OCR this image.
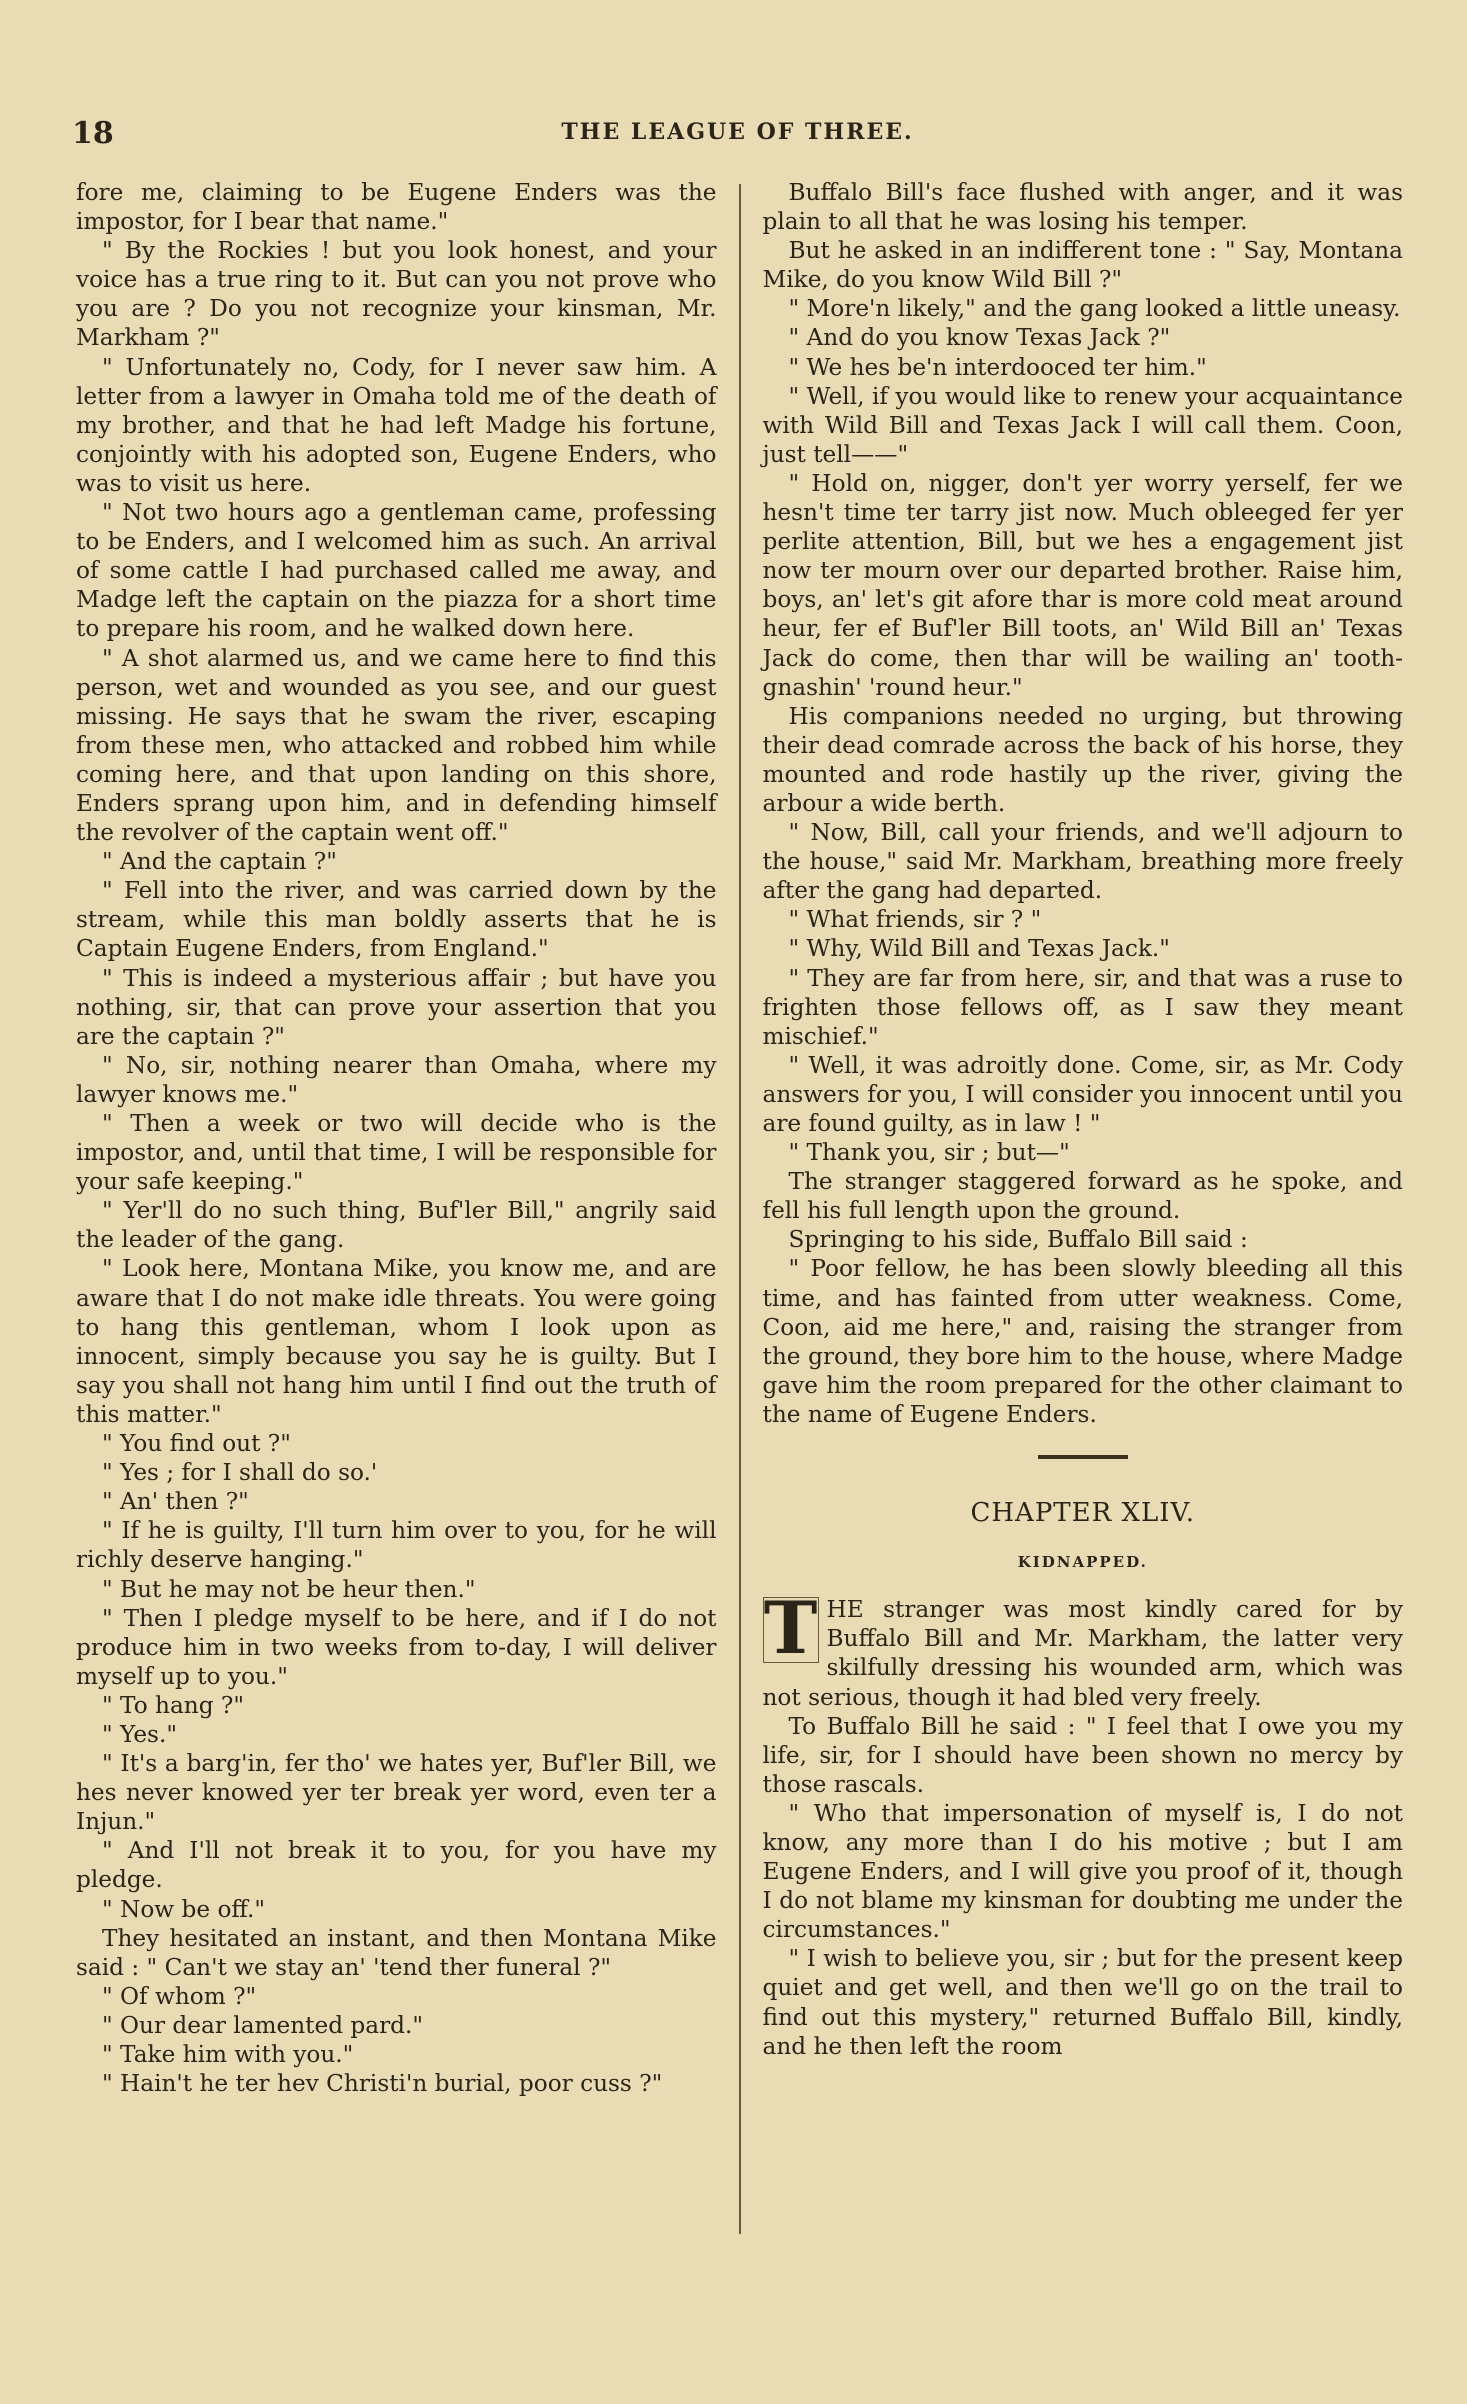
18	THE LEAGUE OF THREE.

fore me, claiming to be Eugene Enders was the impostor, for I bear that name."

" By the Rockies ! but you look honest, and your voice has a true ring to it. But can you not prove who you are ? Do you not recognize your kinsman, Mr. Markham ?"

" Unfortunately no, Cody, for I never saw him. A letter from a lawyer in Omaha told me of the death of my brother, and that he had left Madge his fortune, conjointly with his adopted son, Eugene Enders, who was to visit us here.

" Not two hours ago a gentleman came, professing to be Enders, and I welcomed him as such. An arrival of some cattle I had purchased called me away, and Madge left the captain on the piazza for a short time to prepare his room, and he walked down here.

" A shot alarmed us, and we came here to find this person, wet and wounded as you see, and our guest missing. He says that he swam the river, escaping from these men, who attacked and robbed him while coming here, and that upon landing on this shore, Enders sprang upon him, and in defending himself the revolver of the captain went off."

" And the captain ?"

" Fell into the river, and was carried down by the stream, while this man boldly asserts that he is Captain Eugene Enders, from England."

" This is indeed a mysterious affair ; but have you nothing, sir, that can prove your assertion that you are the captain ?"

" No, sir, nothing nearer than Omaha, where my lawyer knows me."

" Then a week or two will decide who is the impostor, and, until that time, I will be responsible for your safe keeping."

" Yer'll do no such thing, Buf'ler Bill," angrily said the leader of the gang.

" Look here, Montana Mike, you know me, and are aware that I do not make idle threats. You were going to hang this gentleman, whom I look upon as innocent, simply because you say he is guilty. But I say you shall not hang him until I find out the truth of this matter."

" You find out ?"

" Yes ; for I shall do so.'

" An' then ?"

" If he is guilty, I'll turn him over to you, for he will richly deserve hanging."

" But he may not be heur then."

" Then I pledge myself to be here, and if I do not produce him in two weeks from to-day, I will deliver myself up to you."

" To hang ?"

" Yes."

" It's a barg'in, fer tho' we hates yer, Buf'ler Bill, we hes never knowed yer ter break yer word, even ter a Injun."

" And I'll not break it to you, for you have my pledge.

" Now be off."

They hesitated an instant, and then Montana Mike said : " Can't we stay an' 'tend ther funeral ?"

" Of whom ?"

" Our dear lamented pard."

" Take him with you."

" Hain't he ter hev Christi'n burial, poor cuss ?"

Buffalo Bill's face flushed with anger, and it was plain to all that he was losing his temper.

But he asked in an indifferent tone : " Say, Montana Mike, do you know Wild Bill ?"

" More'n likely," and the gang looked a little uneasy.

" And do you know Texas Jack ?"

" We hes be'n interdooced ter him."

" Well, if you would like to renew your acquaintance with Wild Bill and Texas Jack I will call them. Coon, just tell——"

" Hold on, nigger, don't yer worry yerself, fer we hesn't time ter tarry jist now. Much obleeged fer yer perlite attention, Bill, but we hes a engagement jist now ter mourn over our departed brother. Raise him, boys, an' let's git afore thar is more cold meat around heur, fer ef Buf'ler Bill toots, an' Wild Bill an' Texas Jack do come, then thar will be wailing an' tooth-gnashin' 'round heur."

His companions needed no urging, but throwing their dead comrade across the back of his horse, they mounted and rode hastily up the river, giving the arbour a wide berth.

" Now, Bill, call your friends, and we'll adjourn to the house," said Mr. Markham, breathing more freely after the gang had departed.

" What friends, sir ? "

" Why, Wild Bill and Texas Jack."

" They are far from here, sir, and that was a ruse to frighten those fellows off, as I saw they meant mischief."

" Well, it was adroitly done. Come, sir, as Mr. Cody answers for you, I will consider you innocent until you are found guilty, as in law ! "

" Thank you, sir ; but—"

The stranger staggered forward as he spoke, and fell his full length upon the ground.

Springing to his side, Buffalo Bill said :

" Poor fellow, he has been slowly bleeding all this time, and has fainted from utter weakness. Come, Coon, aid me here," and, raising the stranger from the ground, they bore him to the house, where Madge gave him the room prepared for the other claimant to the name of Eugene Enders.

CHAPTER XLIV.
KIDNAPPED.
T HE stranger was most kindly cared for by Buffalo Bill and Mr. Markham, the latter very skilfully dressing his wounded arm, which was not serious, though it had bled very freely.

To Buffalo Bill he said : " I feel that I owe you my life, sir, for I should have been shown no mercy by those rascals.

" Who that impersonation of myself is, I do not know, any more than I do his motive ; but I am Eugene Enders, and I will give you proof of it, though I do not blame my kinsman for doubting me under the circumstances."

" I wish to believe you, sir ; but for the present keep quiet and get well, and then we'll go on the trail to find out this mystery," returned Buffalo Bill, kindly, and he then left the room
